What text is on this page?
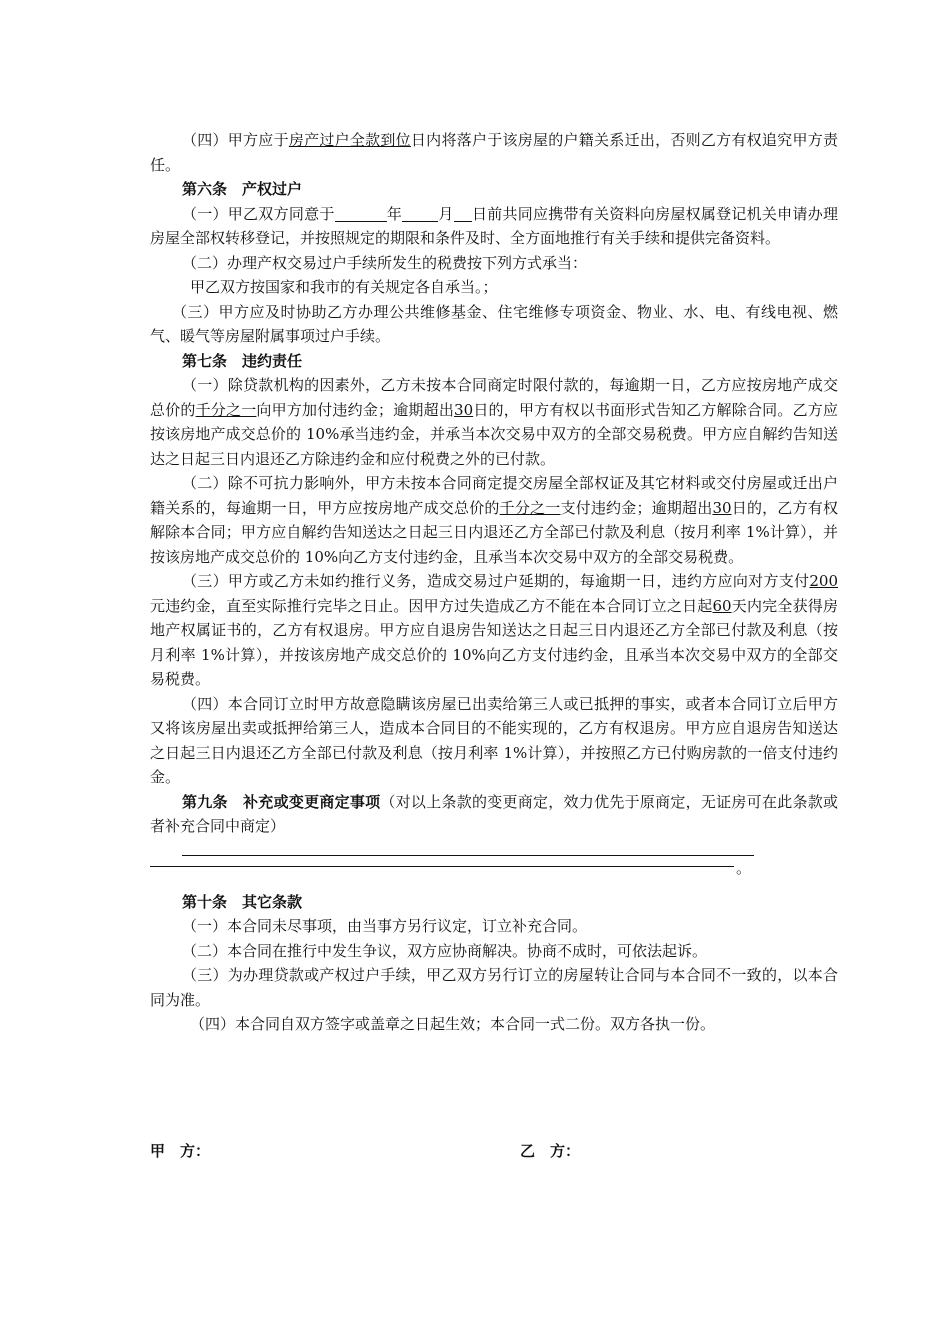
（四）甲方应于房产过户全款到位日内将落户于该房屋的户籍关系迁出，否则乙方有权追究甲方责任。

第六条　产权过户

（一）甲乙双方同意于	年 月 日前共同应携带有关资料向房屋权属登记机关申请办理房屋全部权转移登记，并按照规定的期限和条件及时、全方面地推行有关手续和提供完备资料。

（二）办理产权交易过户手续所发生的税费按下列方式承当：

甲乙双方按国家和我市的有关规定各自承当。；

（三）甲方应及时协助乙方办理公共维修基金、住宅维修专项资金、物业、水、电、有线电视、燃气、暖气等房屋附属事项过户手续。

第七条　违约责任

（一）除贷款机构的因素外，乙方未按本合同商定时限付款的，每逾期一日，乙方应按房地产成交总价的千分之一向甲方加付违约金；逾期超出30日的，甲方有权以书面形式告知乙方解除合同。乙方应按该房地产成交总价的 10%承当违约金，并承当本次交易中双方的全部交易税费。甲方应自解约告知送达之日起三日内退还乙方除违约金和应付税费之外的已付款。

（二）除不可抗力影响外，甲方未按本合同商定提交房屋全部权证及其它材料或交付房屋或迁出户籍关系的，每逾期一日，甲方应按房地产成交总价的千分之一支付违约金；逾期超出30日的，乙方有权解除本合同；甲方应自解约告知送达之日起三日内退还乙方全部已付款及利息（按月利率 1%计算），并按该房地产成交总价的 10%向乙方支付违约金，且承当本次交易中双方的全部交易税费。

（三）甲方或乙方未如约推行义务，造成交易过户延期的，每逾期一日，违约方应向对方支付200元违约金，直至实际推行完毕之日止。因甲方过失造成乙方不能在本合同订立之日起60天内完全获得房地产权属证书的，乙方有权退房。甲方应自退房告知送达之日起三日内退还乙方全部已付款及利息（按月利率 1%计算），并按该房地产成交总价的 10%向乙方支付违约金，且承当本次交易中双方的全部交易税费。

（四）本合同订立时甲方故意隐瞒该房屋已出卖给第三人或已抵押的事实，或者本合同订立后甲方又将该房屋出卖或抵押给第三人，造成本合同目的不能实现的，乙方有权退房。甲方应自退房告知送达之日起三日内退还乙方全部已付款及利息（按月利率 1%计算），并按照乙方已付购房款的一倍支付违约金。

第九条　补充或变更商定事项（对以上条款的变更商定，效力优先于原商定，无证房可在此条款或者补充合同中商定）

。

第十条　其它条款

（一）本合同未尽事项，由当事方另行议定，订立补充合同。

（二）本合同在推行中发生争议，双方应协商解决。协商不成时，可依法起诉。

（三）为办理贷款或产权过户手续，甲乙双方另行订立的房屋转让合同与本合同不一致的，以本合同为准。

（四）本合同自双方签字或盖章之日起生效；本合同一式二份。双方各执一份。

甲　方：	乙　方：
